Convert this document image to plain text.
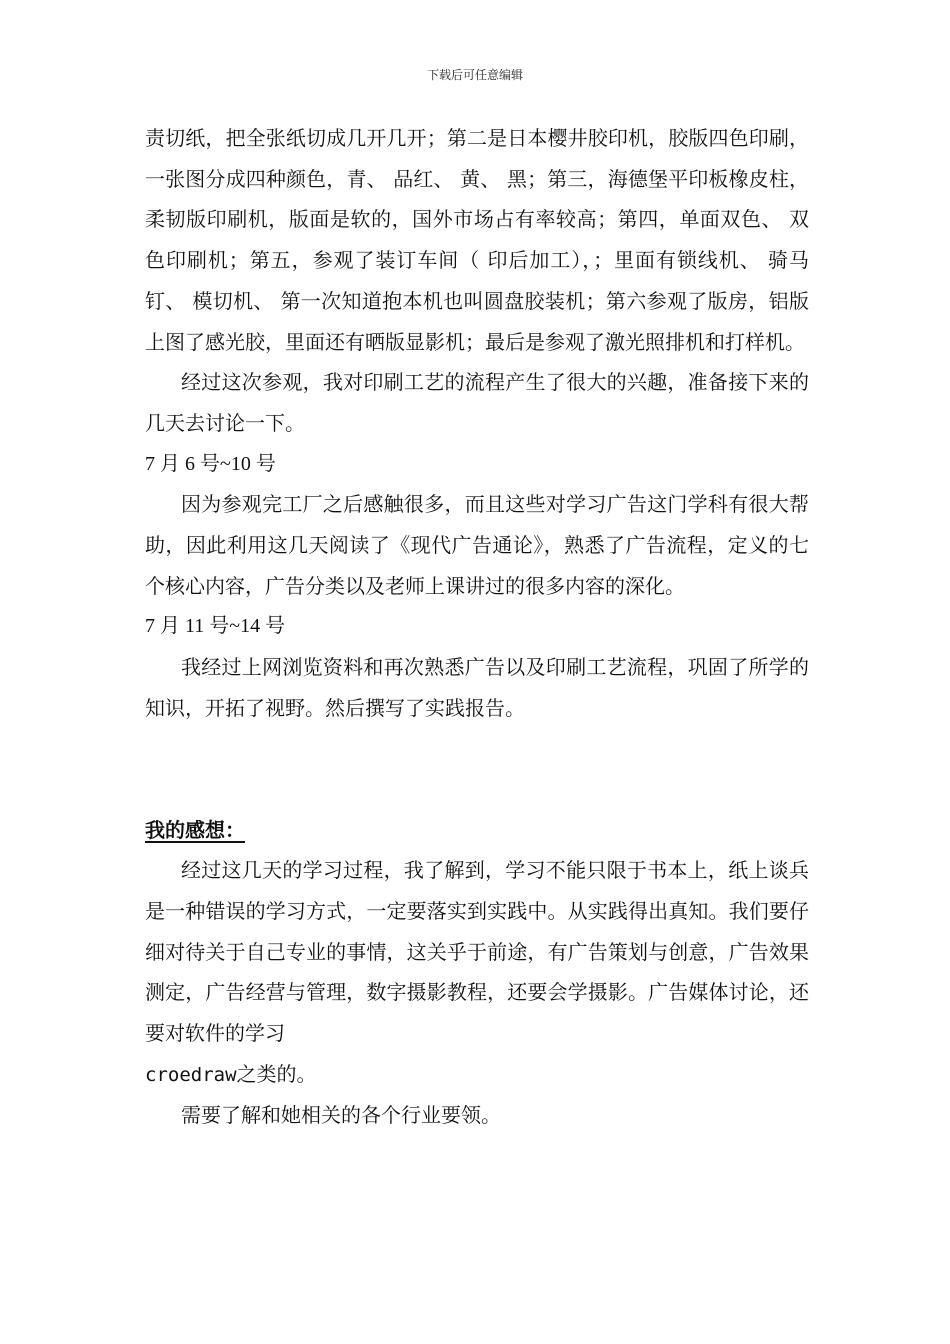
下载后可任意编辑

责切纸，把全张纸切成几开几开；第二是日本樱井胶印机，胶版四色印刷，一张图分成四种颜色，青、 品红、 黄、 黑；第三，海德堡平印板橡皮柱，柔韧版印刷机，版面是软的，国外市场占有率较高；第四，单面双色、 双色印刷机；第五，参观了装订车间（ 印后加工），；里面有锁线机、 骑马钉、 模切机、 第一次知道抱本机也叫圆盘胶装机；第六参观了版房，铝版上图了感光胶，里面还有晒版显影机；最后是参观了激光照排机和打样机。

经过这次参观，我对印刷工艺的流程产生了很大的兴趣，准备接下来的几天去讨论一下。

7 月 6 号~10 号

因为参观完工厂之后感触很多，而且这些对学习广告这门学科有很大帮助，因此利用这几天阅读了《现代广告通论》，熟悉了广告流程，定义的七个核心内容，广告分类以及老师上课讲过的很多内容的深化。

7 月 11 号~14 号

我经过上网浏览资料和再次熟悉广告以及印刷工艺流程，巩固了所学的知识，开拓了视野。然后撰写了实践报告。

我的感想：

经过这几天的学习过程，我了解到，学习不能只限于书本上，纸上谈兵是一种错误的学习方式，一定要落实到实践中。从实践得出真知。我们要仔细对待关于自己专业的事情，这关乎于前途，有广告策划与创意，广告效果测定，广告经营与管理，数字摄影教程，还要会学摄影。广告媒体讨论，还要对软件的学习
croedraw之类的。

需要了解和她相关的各个行业要领。
